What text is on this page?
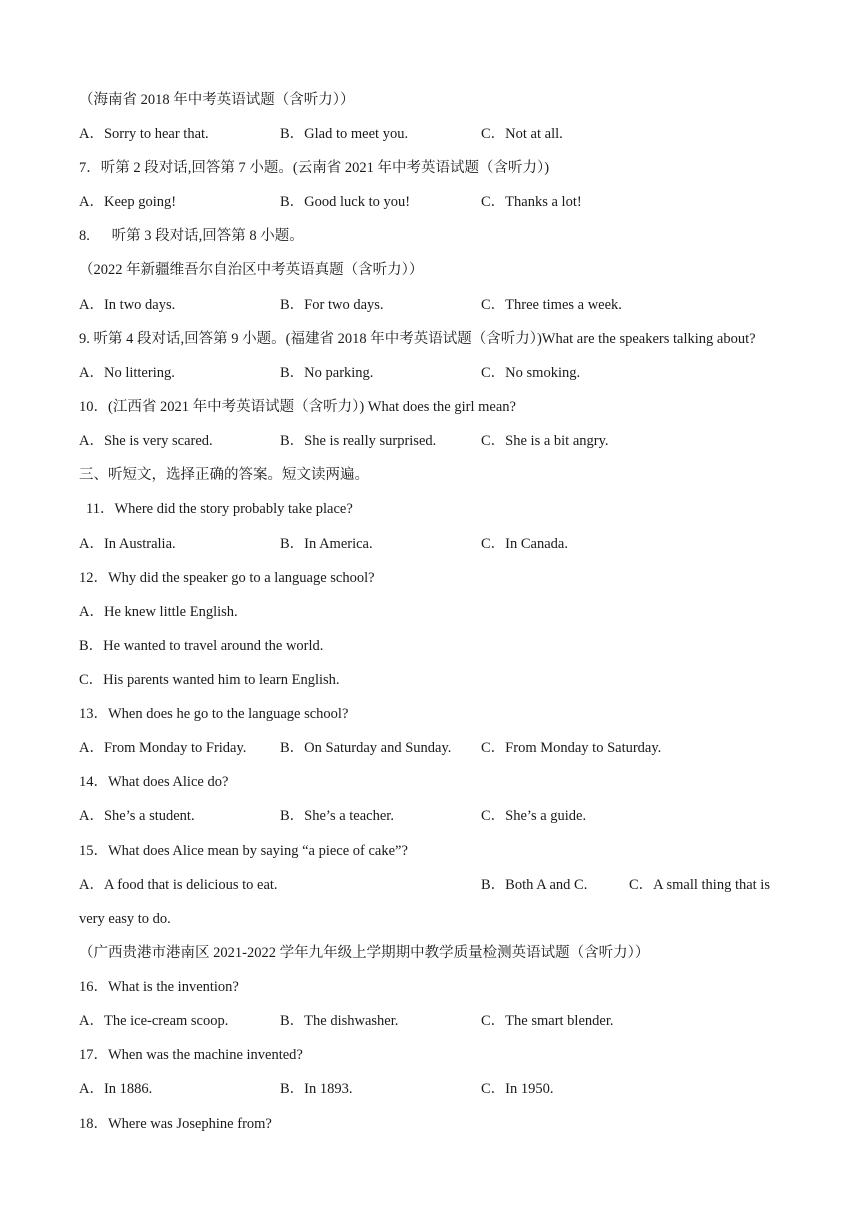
（海南省 2018 年中考英语试题（含听力））
A．Sorry to hear that.	B．Glad to meet you.	C．Not at all.
7．听第 2 段对话,回答第 7 小题。(云南省 2021 年中考英语试题（含听力）)
A．Keep going!	B．Good luck to you!	C．Thanks a lot!
8.      听第 3 段对话,回答第 8 小题。
（2022 年新疆维吾尔自治区中考英语真题（含听力））
A．In two days.	B．For two days.	C．Three times a week.
9. 听第 4 段对话,回答第 9 小题。(福建省 2018 年中考英语试题（含听力）)What are the speakers talking about?
A．No littering.	B．No parking.	C．No smoking.
10．(江西省 2021 年中考英语试题（含听力）) What does the girl mean?
A．She is very scared.	B．She is really surprised.	C．She is a bit angry.
三、听短文，选择正确的答案。短文读两遍。
11．Where did the story probably take place?
A．In Australia.	B．In America.	C．In Canada.
12．Why did the speaker go to a language school?
A．He knew little English.
B．He wanted to travel around the world.
C．His parents wanted him to learn English.
13．When does he go to the language school?
A．From Monday to Friday. B．On Saturday and Sunday. C．From Monday to Saturday.
14．What does Alice do?
A．She’s a student.	B．She’s a teacher.	C．She’s a guide.
15．What does Alice mean by saying “a piece of cake”?
A．A food that is delicious to eat.	B．Both A and C.	C．A small thing that is
very easy to do.
（广西贵港市港南区 2021-2022 学年九年级上学期期中教学质量检测英语试题（含听力））
16．What is the invention?
A．The ice-cream scoop.	B．The dishwasher.	C．The smart blender.
17．When was the machine invented?
A．In 1886.	B．In 1893.	C．In 1950.
18．Where was Josephine from?
